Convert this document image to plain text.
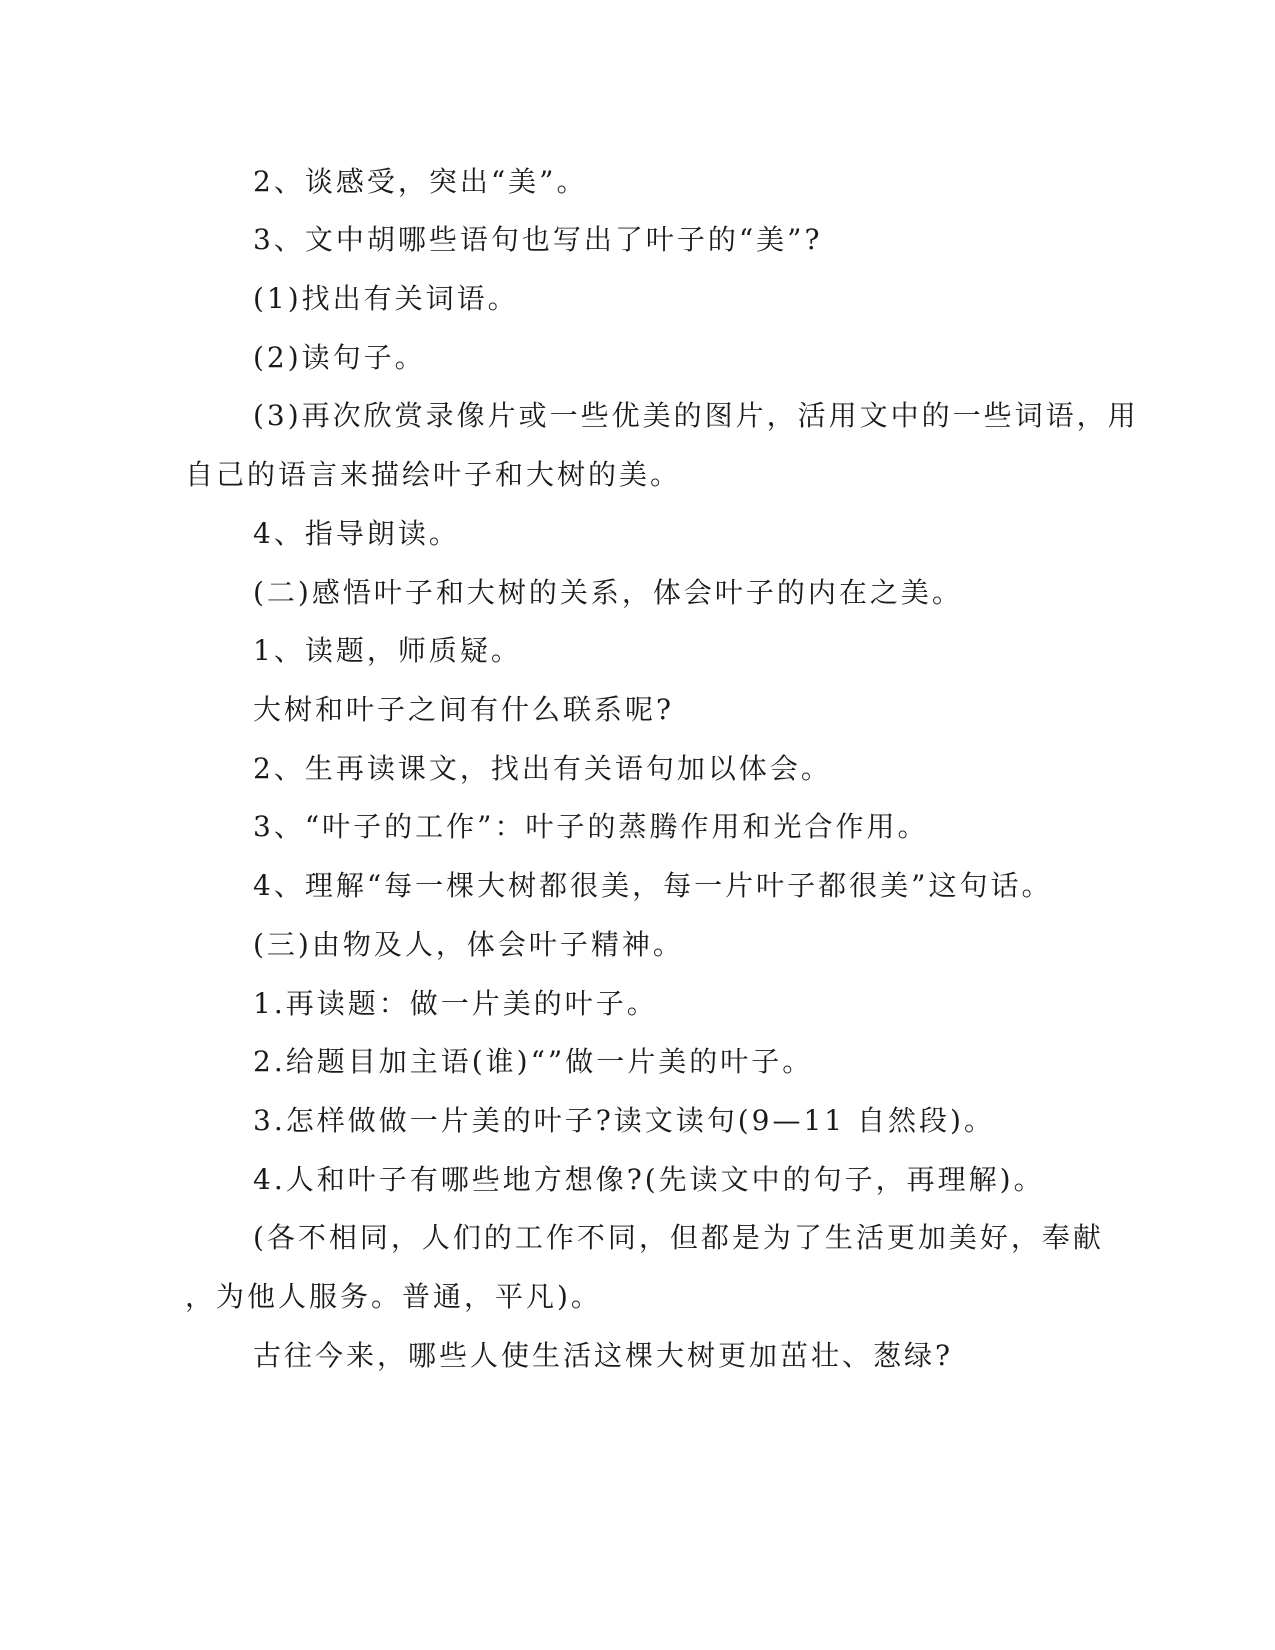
2、谈感受，突出“美”。
3、文中胡哪些语句也写出了叶子的“美”?
(1)找出有关词语。
(2)读句子。
(3)再次欣赏录像片或一些优美的图片，活用文中的一些词语，用
自己的语言来描绘叶子和大树的美。
4、指导朗读。
(二)感悟叶子和大树的关系，体会叶子的内在之美。
1、读题，师质疑。
大树和叶子之间有什么联系呢?
2、生再读课文，找出有关语句加以体会。
3、“叶子的工作”：叶子的蒸腾作用和光合作用。
4、理解“每一棵大树都很美，每一片叶子都很美”这句话。
(三)由物及人，体会叶子精神。
1.再读题：做一片美的叶子。
2.给题目加主语(谁)“”做一片美的叶子。
3.怎样做做一片美的叶子?读文读句(9—11 自然段)。
4.人和叶子有哪些地方想像?(先读文中的句子，再理解)。
(各不相同，人们的工作不同，但都是为了生活更加美好，奉献
，为他人服务。普通，平凡)。
古往今来，哪些人使生活这棵大树更加茁壮、葱绿?
